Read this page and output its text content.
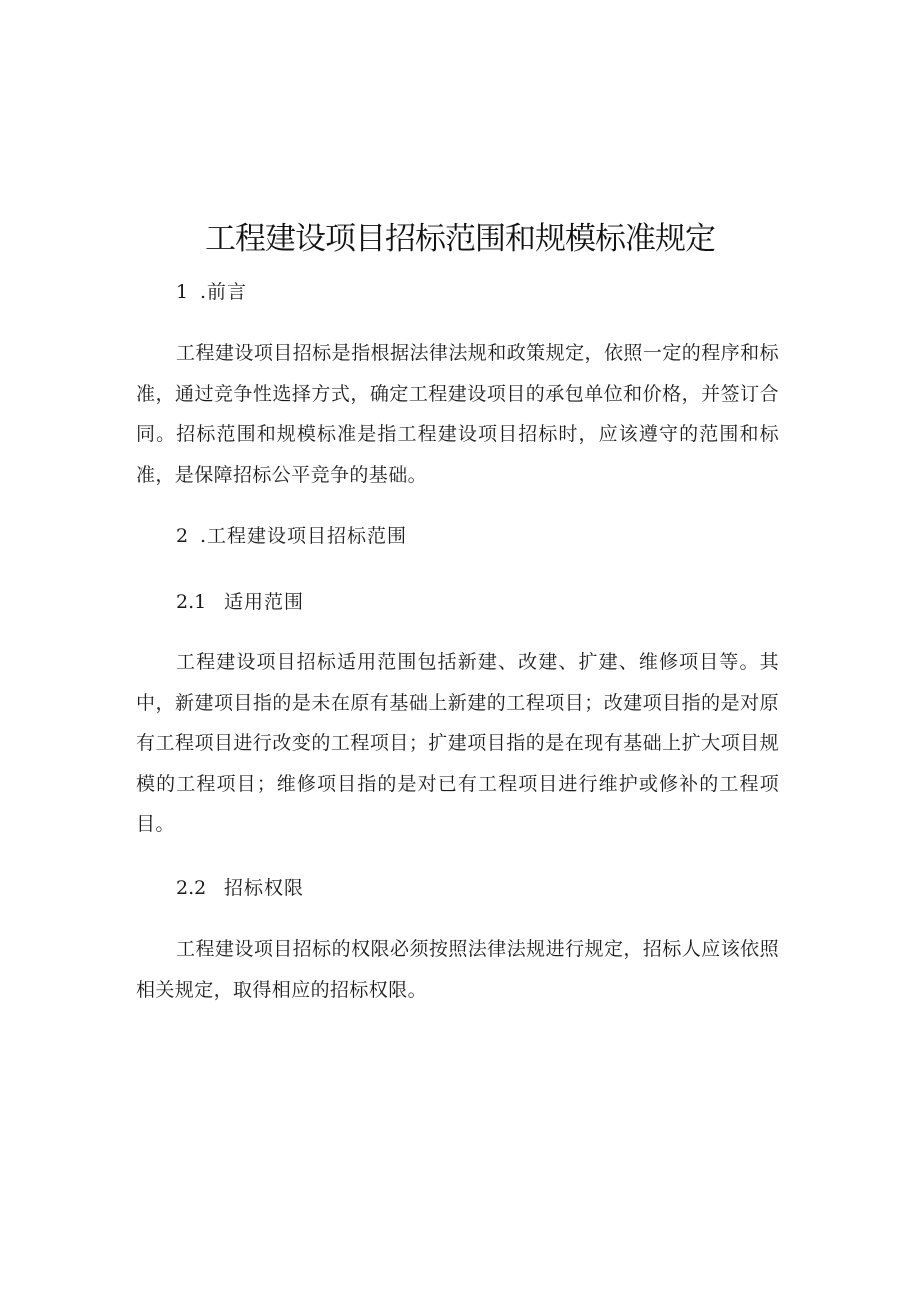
工程建设项目招标范围和规模标准规定
1 .前言

工程建设项目招标是指根据法律法规和政策规定，依照一定的程序和标准，通过竞争性选择方式，确定工程建设项目的承包单位和价格，并签订合同。招标范围和规模标准是指工程建设项目招标时，应该遵守的范围和标准，是保障招标公平竞争的基础。

2 .工程建设项目招标范围
2.1 适用范围

工程建设项目招标适用范围包括新建、改建、扩建、维修项目等。其中，新建项目指的是未在原有基础上新建的工程项目；改建项目指的是对原有工程项目进行改变的工程项目；扩建项目指的是在现有基础上扩大项目规模的工程项目；维修项目指的是对已有工程项目进行维护或修补的工程项目。

2.2 招标权限

工程建设项目招标的权限必须按照法律法规进行规定，招标人应该依照相关规定，取得相应的招标权限。
